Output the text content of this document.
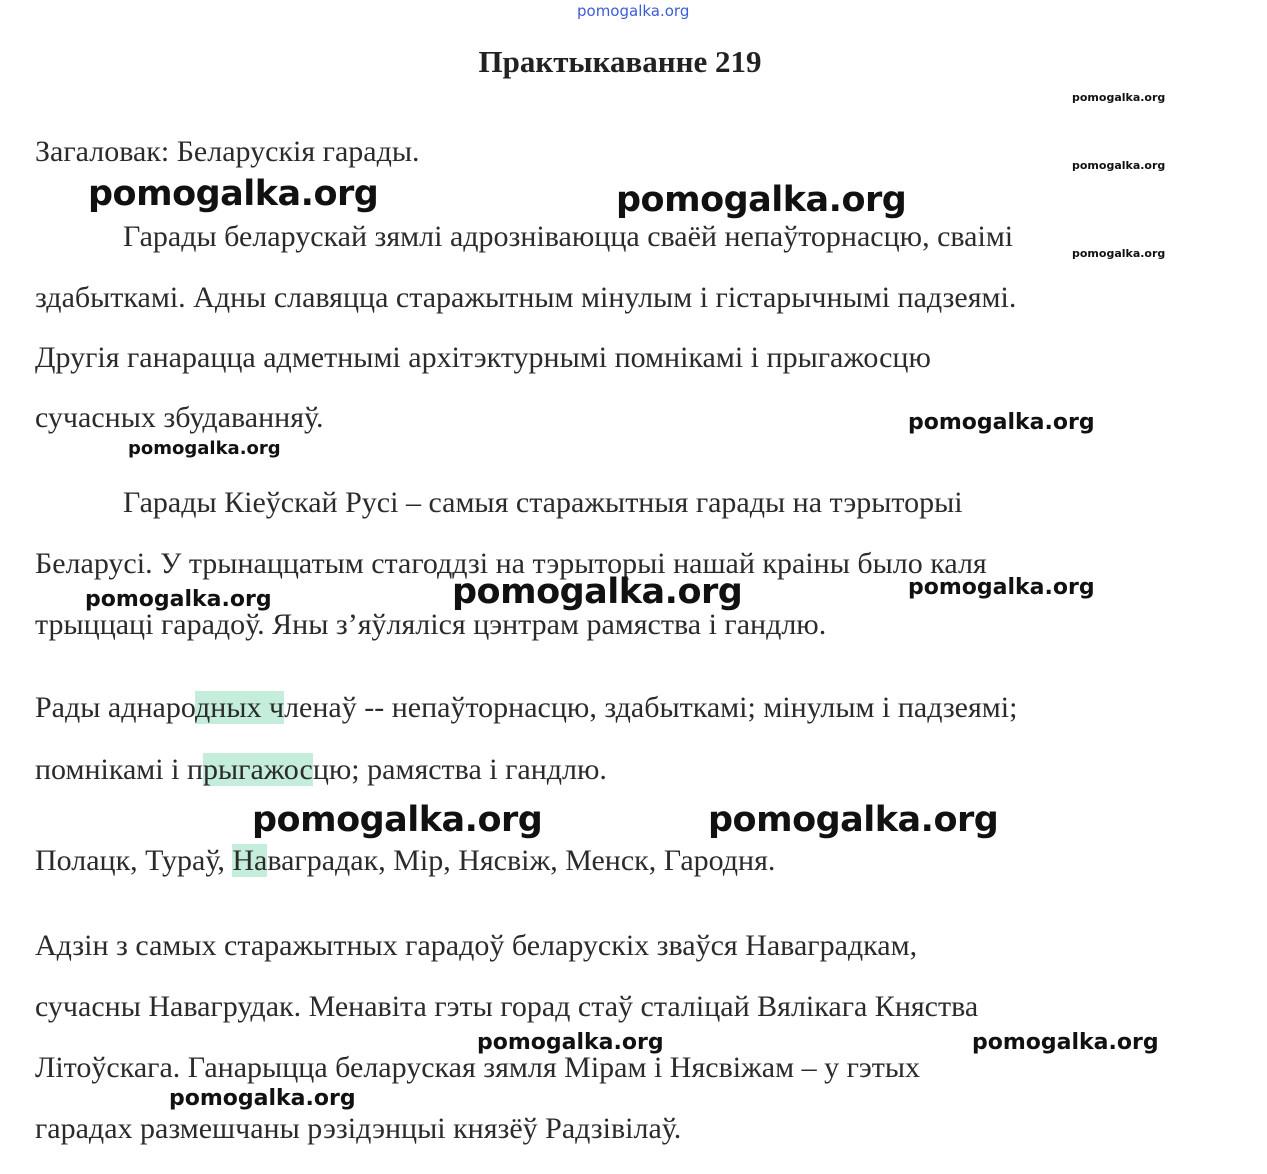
pomogalka.org
Практыкаванне 219
pomogalka.org
Загаловак: Беларускія гарады.	pomogalka.org
pomogalka.org	pomogalka.org
Гарады беларускай зямлі адрозніваюцца сваёй непаўторнасцю, сваімі
pomogalka.org
здабыткамі. Адны славяцца старажытным мінулым і гістарычнымі падзеямі.
Другія ганарацца адметнымі архітэктурнымі помнікамі і прыгажосцю
сучасных збудаванняў.	pomogalka.org
pomogalka.org
Гарады Кіеўскай Русі – самыя старажытныя гарады на тэрыторыі
Беларусі. У трынаццатым стагоддзі на тэрыторыі нашай краіны было каля
pomogalka.org	pomogalka.org
pomogalka.org
трыццаці гарадоў. Яны з’яўляліся цэнтрам рамяства і гандлю.
Рады аднародных членаў -- непаўторнасцю, здабыткамі; мінулым і падзеямі;
помнікамі і прыгажосцю; рамяства і гандлю.
pomogalka.org	pomogalka.org
Полацк, Тураў, Наваградак, Мір, Нясвіж, Менск, Гародня.
Адзін з самых старажытных гарадоў беларускіх зваўся Наваградкам,
сучасны Навагрудак. Менавіта гэты горад стаў сталіцай Вялікага Княства
pomogalka.org	pomogalka.org
Літоўскага. Ганарыцца беларуская зямля Мірам і Нясвіжам – у гэтых
pomogalka.org
гарадах размешчаны рэзідэнцыі князёў Радзівілаў.
